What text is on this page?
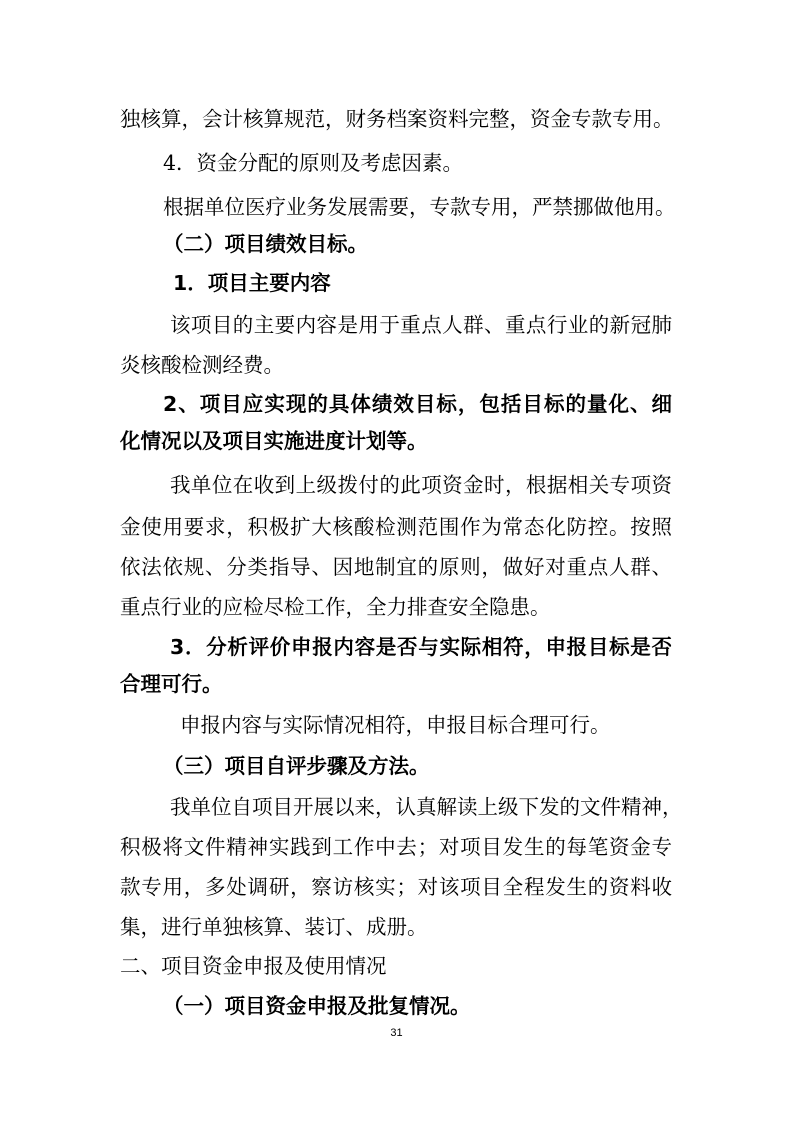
独核算，会计核算规范，财务档案资料完整，资金专款专用。

4．资金分配的原则及考虑因素。

根据单位医疗业务发展需要，专款专用，严禁挪做他用。

（二）项目绩效目标。

1．项目主要内容

该项目的主要内容是用于重点人群、重点行业的新冠肺

炎核酸检测经费。

2、项目应实现的具体绩效目标，包括目标的量化、细

化情况以及项目实施进度计划等。

我单位在收到上级拨付的此项资金时，根据相关专项资

金使用要求，积极扩大核酸检测范围作为常态化防控。按照

依法依规、分类指导、因地制宜的原则，做好对重点人群、

重点行业的应检尽检工作，全力排查安全隐患。

3．分析评价申报内容是否与实际相符，申报目标是否

合理可行。

申报内容与实际情况相符，申报目标合理可行。

（三）项目自评步骤及方法。

我单位自项目开展以来，认真解读上级下发的文件精神，

积极将文件精神实践到工作中去；对项目发生的每笔资金专

款专用，多处调研，察访核实；对该项目全程发生的资料收

集，进行单独核算、装订、成册。

二、项目资金申报及使用情况

（一）项目资金申报及批复情况。

31
